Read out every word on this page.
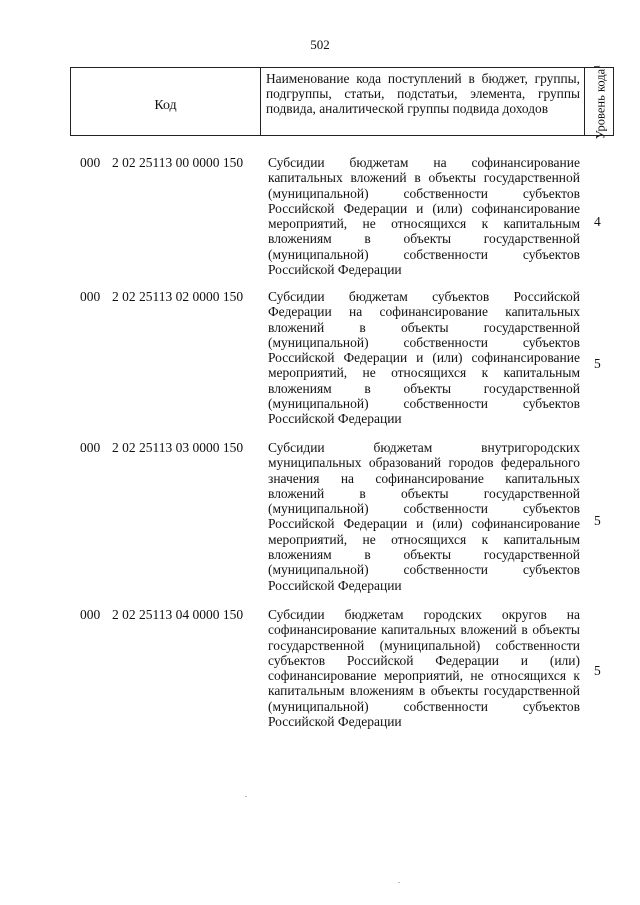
502
Код
Наименование кода поступлений в бюджет, группы, подгруппы, статьи, подстатьи, элемента, группы подвида, аналитической группы подвида доходов	Уровень кода$^1$
000 2 02 25113 00 0000 150 Субсидии бюджетам на софинансирование капитальных вложений в объекты государственной (муниципальной) собственности субъектов Российской Федерации и (или) софинансирование мероприятий, не относящихся к капитальным вложениям в объекты государственной (муниципальной) собственности субъектов Российской Федерации
4
000 2 02 25113 02 0000 150 Субсидии бюджетам субъектов Российской Федерации на софинансирование капитальных вложений в объекты государственной (муниципальной) собственности субъектов Российской Федерации и (или) софинансирование мероприятий, не относящихся к капитальным вложениям в объекты государственной (муниципальной) собственности субъектов Российской Федерации
5
000 2 02 25113 03 0000 150 Субсидии бюджетам внутригородских муниципальных образований городов федерального значения на софинансирование капитальных вложений в объекты государственной (муниципальной) собственности субъектов Российской Федерации и (или) софинансирование мероприятий, не относящихся к капитальным вложениям в объекты государственной (муниципальной) собственности субъектов Российской Федерации
5
000 2 02 25113 04 0000 150 Субсидии бюджетам городских округов на софинансирование капитальных вложений в объекты государственной (муниципальной) собственности субъектов Российской Федерации и (или) софинансирование мероприятий, не относящихся к капитальным вложениям в объекты государственной (муниципальной) собственности субъектов Российской Федерации
5
